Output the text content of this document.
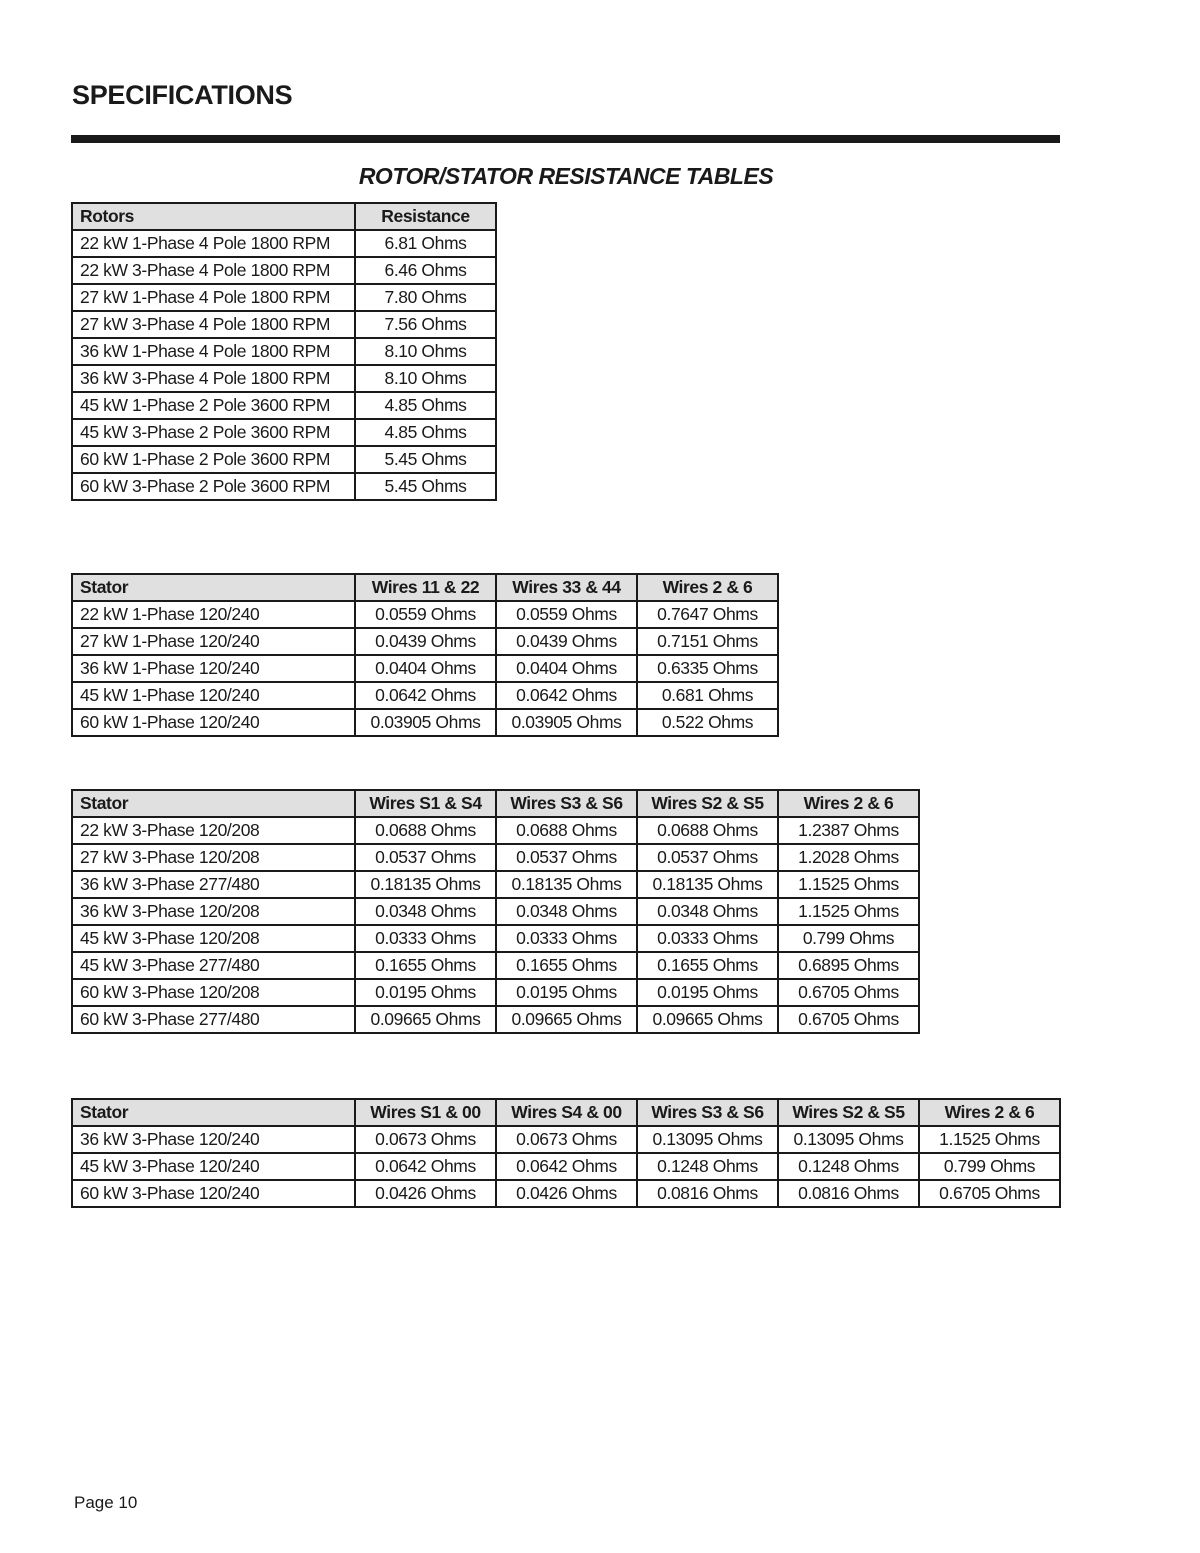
SPECIFICATIONS
ROTOR/STATOR RESISTANCE TABLES
Rotors	Resistance
22 kW 1-Phase 4 Pole 1800 RPM	6.81 Ohms
22 kW 3-Phase 4 Pole 1800 RPM	6.46 Ohms
27 kW 1-Phase 4 Pole 1800 RPM	7.80 Ohms
27 kW 3-Phase 4 Pole 1800 RPM	7.56 Ohms
36 kW 1-Phase 4 Pole 1800 RPM	8.10 Ohms
36 kW 3-Phase 4 Pole 1800 RPM	8.10 Ohms
45 kW 1-Phase 2 Pole 3600 RPM	4.85 Ohms
45 kW 3-Phase 2 Pole 3600 RPM	4.85 Ohms
60 kW 1-Phase 2 Pole 3600 RPM	5.45 Ohms
60 kW 3-Phase 2 Pole 3600 RPM	5.45 Ohms
Stator	Wires 11 & 22	Wires 33 & 44	Wires 2 & 6
22 kW 1-Phase 120/240	0.0559 Ohms	0.0559 Ohms	0.7647 Ohms
27 kW 1-Phase 120/240	0.0439 Ohms	0.0439 Ohms	0.7151 Ohms
36 kW 1-Phase 120/240	0.0404 Ohms	0.0404 Ohms	0.6335 Ohms
45 kW 1-Phase 120/240	0.0642 Ohms	0.0642 Ohms	0.681 Ohms
60 kW 1-Phase 120/240	0.03905 Ohms	0.03905 Ohms	0.522 Ohms
Stator	Wires S1 & S4	Wires S3 & S6	Wires S2 & S5	Wires 2 & 6
22 kW 3-Phase 120/208	0.0688 Ohms	0.0688 Ohms	0.0688 Ohms	1.2387 Ohms
27 kW 3-Phase 120/208	0.0537 Ohms	0.0537 Ohms	0.0537 Ohms	1.2028 Ohms
36 kW 3-Phase 277/480	0.18135 Ohms	0.18135 Ohms	0.18135 Ohms	1.1525 Ohms
36 kW 3-Phase 120/208	0.0348 Ohms	0.0348 Ohms	0.0348 Ohms	1.1525 Ohms
45 kW 3-Phase 120/208	0.0333 Ohms	0.0333 Ohms	0.0333 Ohms	0.799 Ohms
45 kW 3-Phase 277/480	0.1655 Ohms	0.1655 Ohms	0.1655 Ohms	0.6895 Ohms
60 kW 3-Phase 120/208	0.0195 Ohms	0.0195 Ohms	0.0195 Ohms	0.6705 Ohms
60 kW 3-Phase 277/480	0.09665 Ohms	0.09665 Ohms	0.09665 Ohms	0.6705 Ohms
Stator	Wires S1 & 00	Wires S4 & 00	Wires S3 & S6	Wires S2 & S5	Wires 2 & 6
36 kW 3-Phase 120/240	0.0673 Ohms	0.0673 Ohms	0.13095 Ohms	0.13095 Ohms	1.1525 Ohms
45 kW 3-Phase 120/240	0.0642 Ohms	0.0642 Ohms	0.1248 Ohms	0.1248 Ohms	0.799 Ohms
60 kW 3-Phase 120/240	0.0426 Ohms	0.0426 Ohms	0.0816 Ohms	0.0816 Ohms	0.6705 Ohms
Page 10
